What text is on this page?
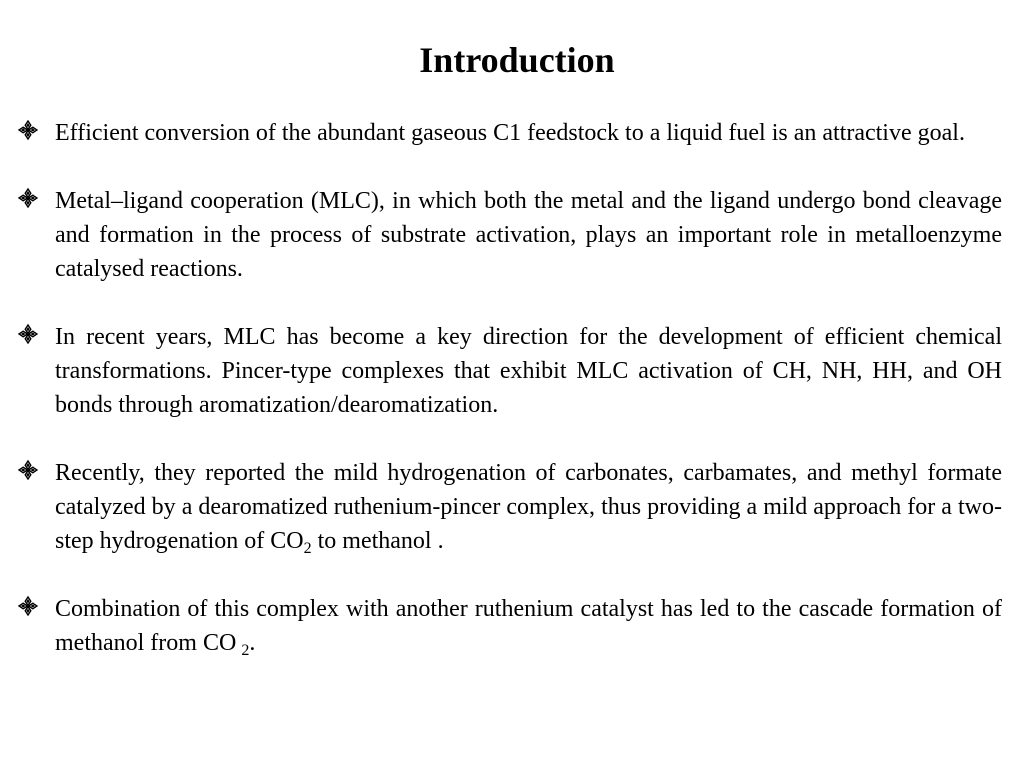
Introduction
Efficient conversion of the abundant gaseous C1 feedstock to a liquid fuel is an attractive goal.
Metal–ligand cooperation (MLC), in which both the metal and the ligand undergo bond cleavage and formation in the process of substrate activation, plays an important role in metalloenzyme catalysed reactions.
In recent years, MLC has become a key direction for the development of efficient chemical transformations. Pincer-type complexes that exhibit MLC activation of CH, NH, HH, and OH bonds through aromatization/dearomatization.
Recently, they reported the mild hydrogenation of carbonates, carbamates, and methyl formate catalyzed by a dearomatized ruthenium-pincer complex, thus providing a mild approach for a two-step hydrogenation of $CO_2$ to methanol .
Combination of this complex with another ruthenium catalyst has led to the cascade formation of methanol from CO $_2$.
